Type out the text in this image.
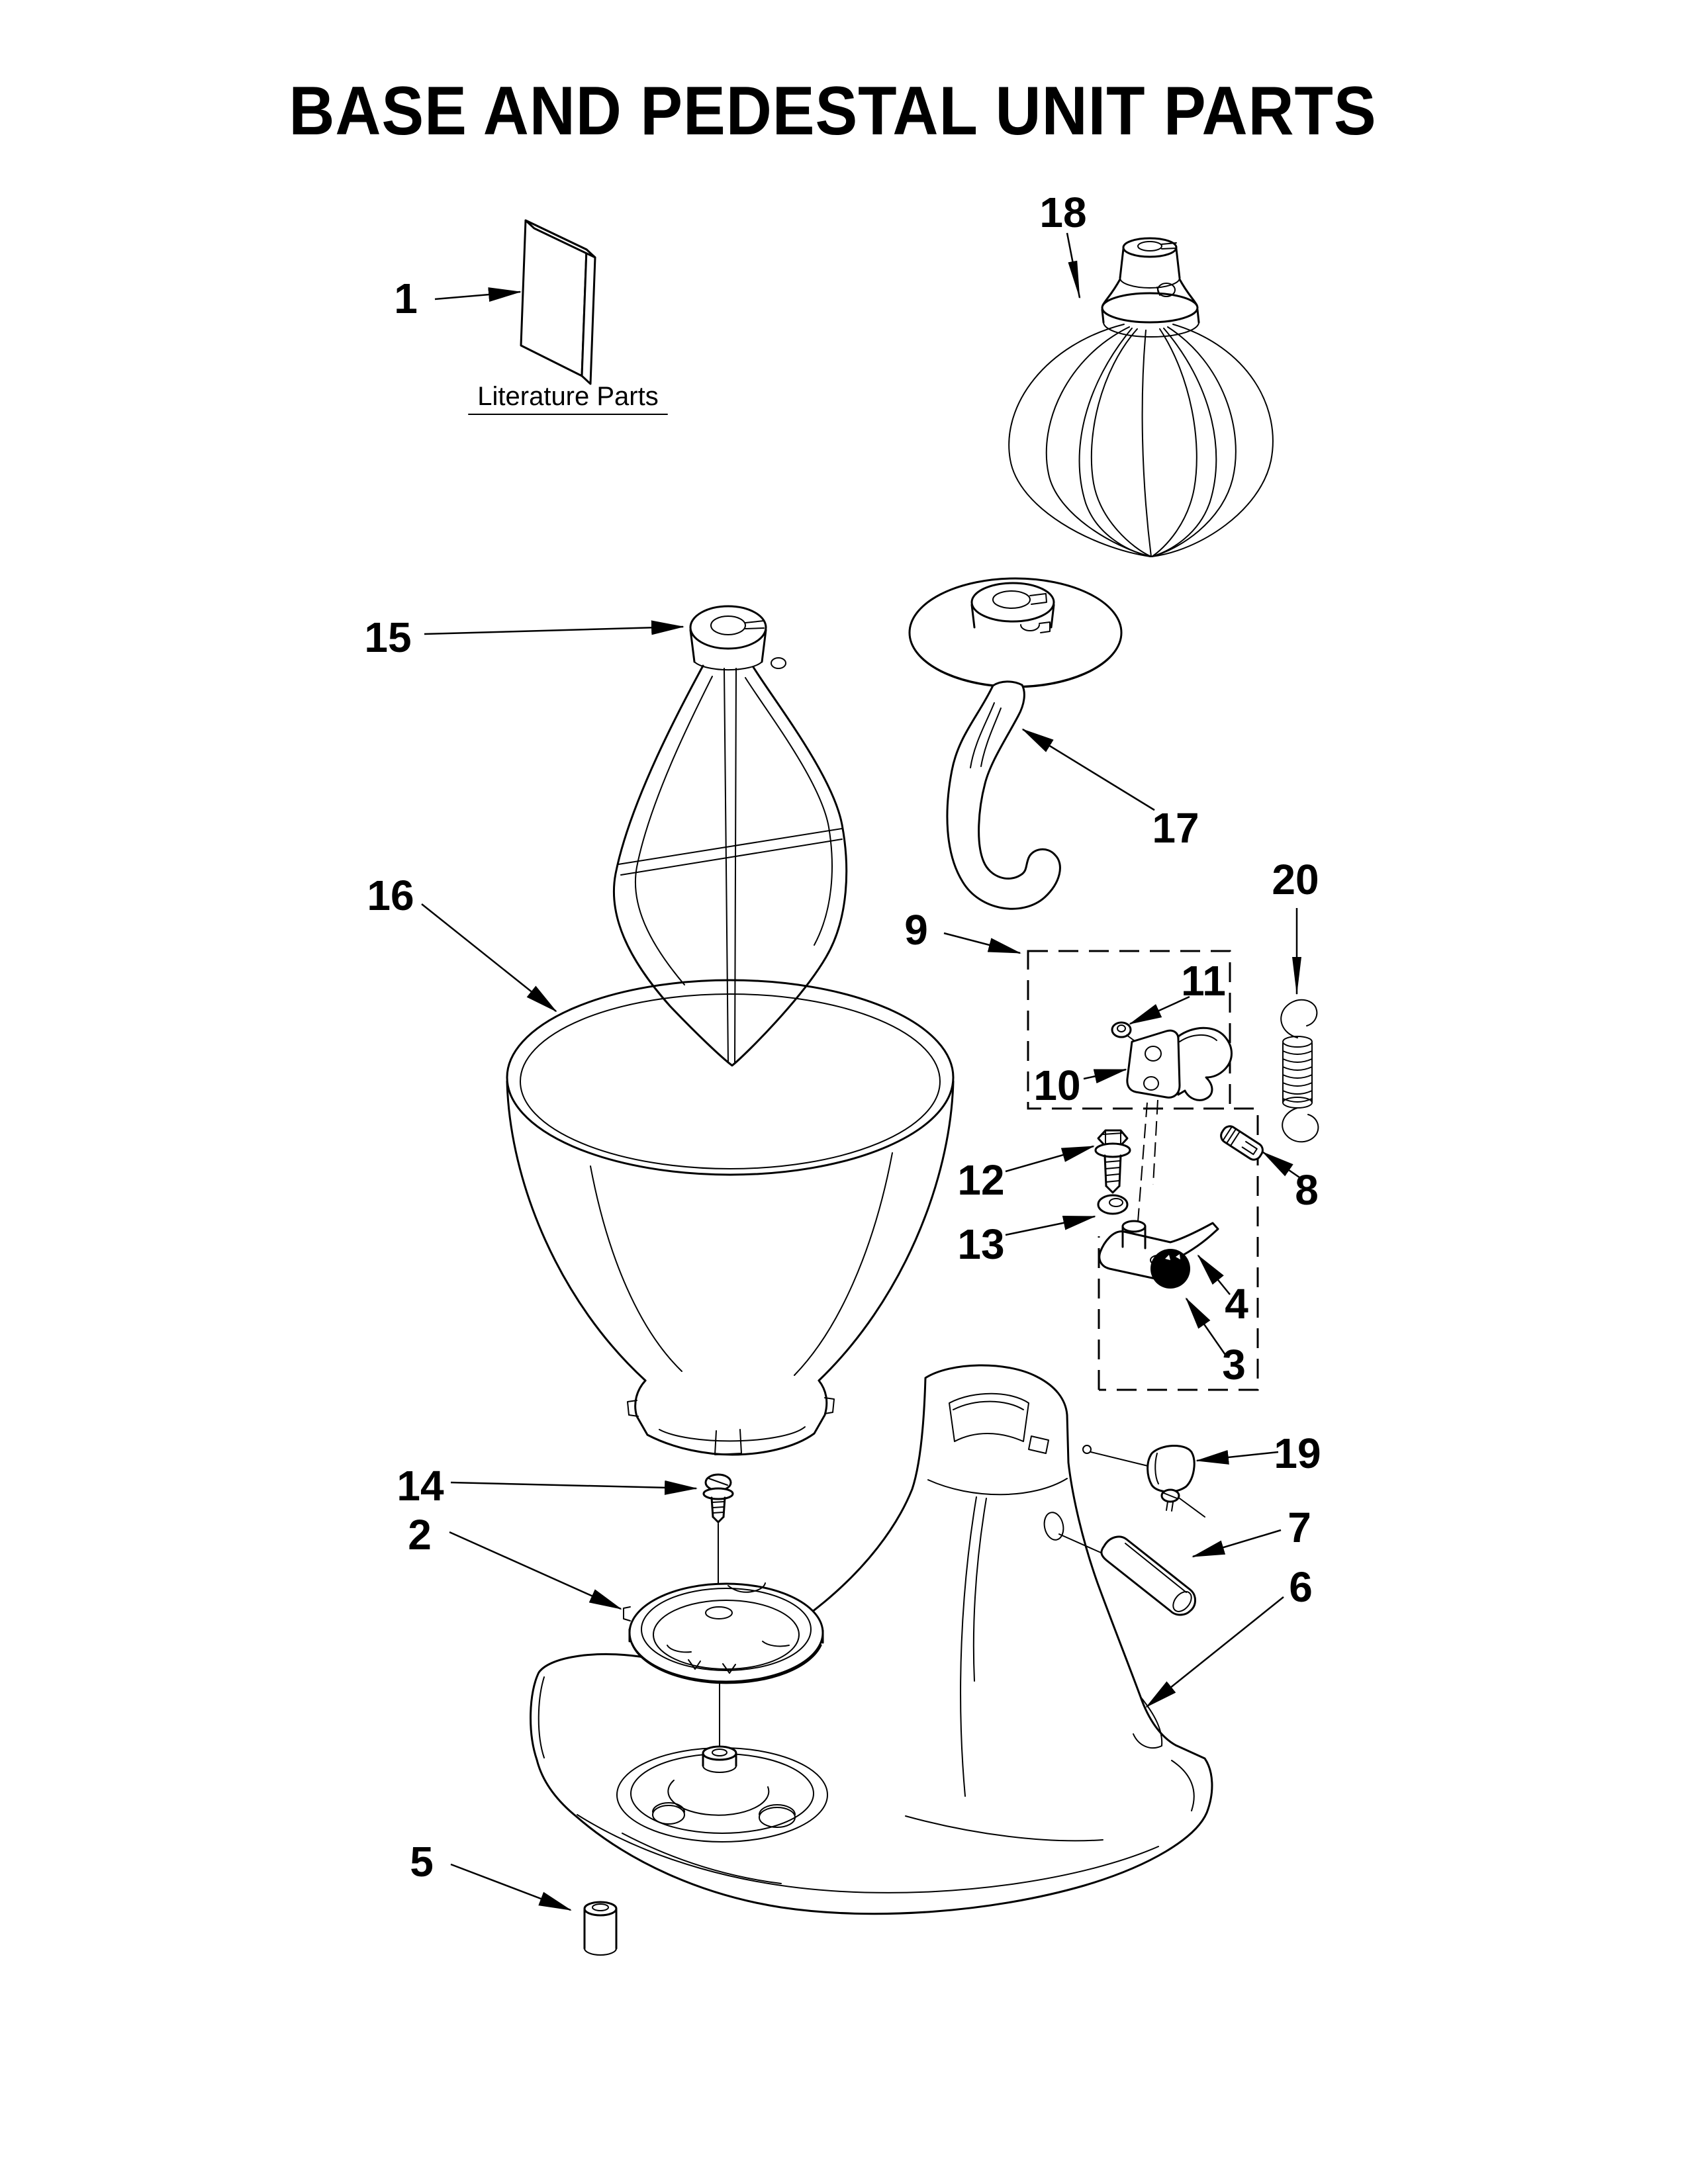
BASE AND PEDESTAL UNIT PARTS
Literature Parts
1
18
15
16
17
9
20
11
10
12
13
8
4
3
19
7
6
14
2
5
